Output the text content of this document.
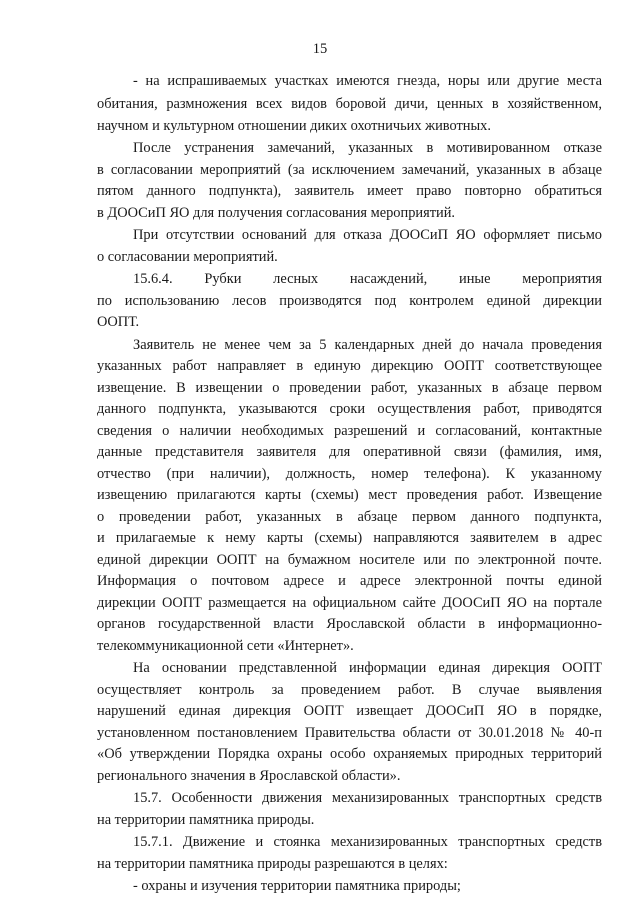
15
- на испрашиваемых участках имеются гнезда, норы или другие места
обитания, размножения всех видов боровой дичи, ценных в хозяйственном,
научном и культурном отношении диких охотничьих животных.
После устранения замечаний, указанных в мотивированном отказе
в согласовании мероприятий (за исключением замечаний, указанных в абзаце
пятом данного подпункта), заявитель имеет право повторно обратиться
в ДООСиП ЯО для получения согласования мероприятий.
При отсутствии оснований для отказа ДООСиП ЯО оформляет письмо
о согласовании мероприятий.
15.6.4. Рубки лесных насаждений, иные мероприятия
по использованию лесов производятся под контролем единой дирекции
ООПТ.
Заявитель не менее чем за 5 календарных дней до начала проведения
указанных работ направляет в единую дирекцию ООПТ соответствующее
извещение. В извещении о проведении работ, указанных в абзаце первом
данного подпункта, указываются сроки осуществления работ, приводятся
сведения о наличии необходимых разрешений и согласований, контактные
данные представителя заявителя для оперативной связи (фамилия, имя,
отчество (при наличии), должность, номер телефона). К указанному
извещению прилагаются карты (схемы) мест проведения работ. Извещение
о проведении работ, указанных в абзаце первом данного подпункта,
и прилагаемые к нему карты (схемы) направляются заявителем в адрес
единой дирекции ООПТ на бумажном носителе или по электронной почте.
Информация о почтовом адресе и адресе электронной почты единой
дирекции ООПТ размещается на официальном сайте ДООСиП ЯО на портале
органов государственной власти Ярославской области в информационно-
телекоммуникационной сети «Интернет».
На основании представленной информации единая дирекция ООПТ
осуществляет контроль за проведением работ. В случае выявления
нарушений единая дирекция ООПТ извещает ДООСиП ЯО в порядке,
установленном постановлением Правительства области от 30.01.2018 № 40-п
«Об утверждении Порядка охраны особо охраняемых природных территорий
регионального значения в Ярославской области».
15.7. Особенности движения механизированных транспортных средств
на территории памятника природы.
15.7.1. Движение и стоянка механизированных транспортных средств
на территории памятника природы разрешаются в целях:
- охраны и изучения территории памятника природы;
